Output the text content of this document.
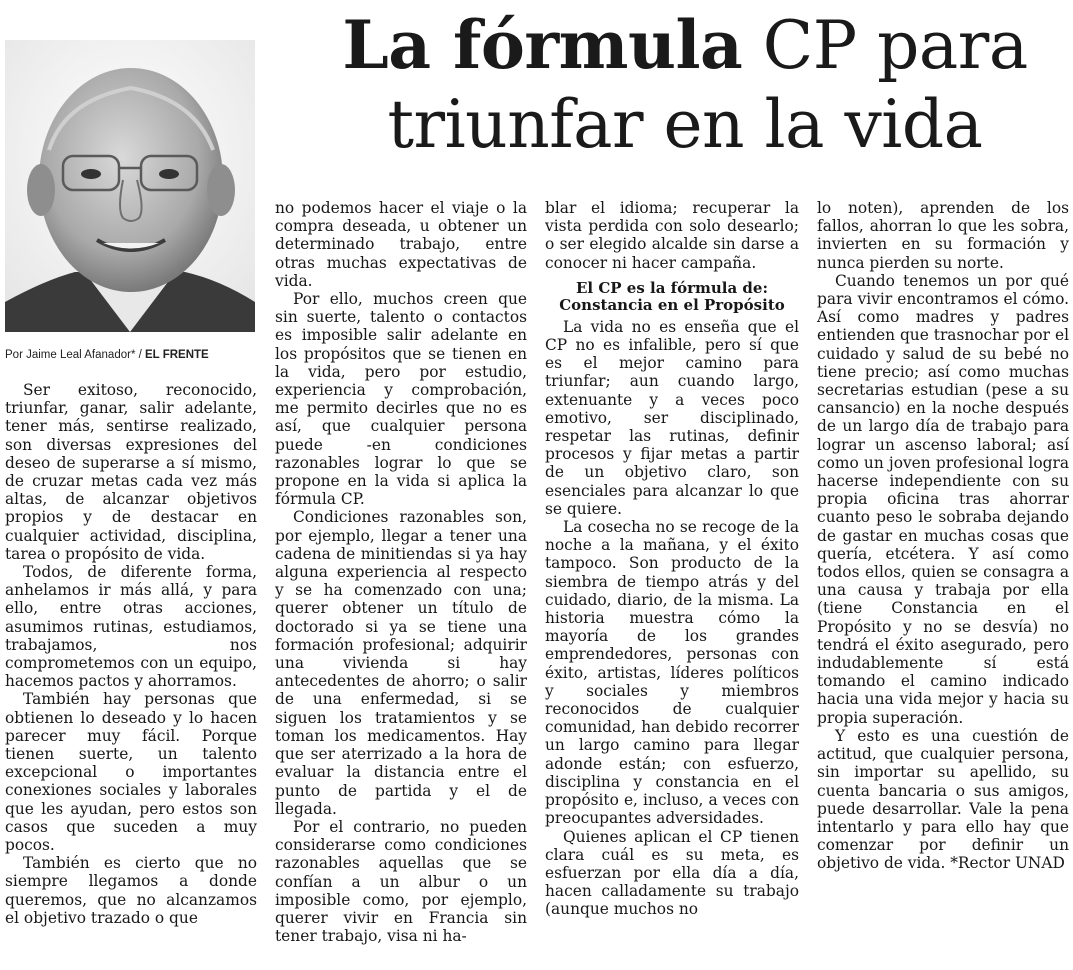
La fórmula CP para
triunfar en la vida
Por Jaime Leal Afanador* / EL FRENTE

Ser exitoso, reconocido, triunfar, ganar, salir adelante, tener más, sentirse realizado, son diversas expresiones del deseo de superarse a sí mismo, de cruzar metas cada vez más altas, de alcanzar objetivos propios y de destacar en cualquier actividad, disciplina, tarea o propósito de vida.

Todos, de diferente forma, anhelamos ir más allá, y para ello, entre otras acciones, asumimos rutinas, estudiamos, trabajamos, nos comprometemos con un equipo, hacemos pactos y ahorramos.

También hay personas que obtienen lo deseado y lo hacen parecer muy fácil. Porque tienen suerte, un talento excepcional o importantes conexiones sociales y laborales que les ayudan, pero estos son casos que suceden a muy pocos.

También es cierto que no siempre llegamos a donde queremos, que no alcanzamos el objetivo trazado o que

no podemos hacer el viaje o la compra deseada, u obtener un determinado trabajo, entre otras muchas expectativas de vida.

Por ello, muchos creen que sin suerte, talento o contactos es imposible salir adelante en los propósitos que se tienen en la vida, pero por estudio, experiencia y comprobación, me permito decirles que no es así, que cualquier persona puede -en condiciones razonables lograr lo que se propone en la vida si aplica la fórmula CP.

Condiciones razonables son, por ejemplo, llegar a tener una cadena de minitiendas si ya hay alguna experiencia al respecto y se ha comenzado con una; querer obtener un título de doctorado si ya se tiene una formación profesional; adquirir una vivienda si hay antecedentes de ahorro; o salir de una enfermedad, si se siguen los tratamientos y se toman los medicamentos. Hay que ser aterrizado a la hora de evaluar la distancia entre el punto de partida y el de llegada.

Por el contrario, no pueden considerarse como condiciones razonables aquellas que se confían a un albur o un imposible como, por ejemplo, querer vivir en Francia sin tener trabajo, visa ni ha-

blar el idioma; recuperar la vista perdida con solo desearlo; o ser elegido alcalde sin darse a conocer ni hacer campaña.

El CP es la fórmula de: Constancia en el Propósito

La vida no es enseña que el CP no es infalible, pero sí que es el mejor camino para triunfar; aun cuando largo, extenuante y a veces poco emotivo, ser disciplinado, respetar las rutinas, definir procesos y fijar metas a partir de un objetivo claro, son esenciales para alcanzar lo que se quiere.

La cosecha no se recoge de la noche a la mañana, y el éxito tampoco. Son producto de la siembra de tiempo atrás y del cuidado, diario, de la misma. La historia muestra cómo la mayoría de los grandes emprendedores, personas con éxito, artistas, líderes políticos y sociales y miembros reconocidos de cualquier comunidad, han debido recorrer un largo camino para llegar adonde están; con esfuerzo, disciplina y constancia en el propósito e, incluso, a veces con preocupantes adversidades.

Quienes aplican el CP tienen clara cuál es su meta, es esfuerzan por ella día a día, hacen calladamente su trabajo (aunque muchos no

lo noten), aprenden de los fallos, ahorran lo que les sobra, invierten en su formación y nunca pierden su norte.

Cuando tenemos un por qué para vivir encontramos el cómo. Así como madres y padres entienden que trasnochar por el cuidado y salud de su bebé no tiene precio; así como muchas secretarias estudian (pese a su cansancio) en la noche después de un largo día de trabajo para lograr un ascenso laboral; así como un joven profesional logra hacerse independiente con su propia oficina tras ahorrar cuanto peso le sobraba dejando de gastar en muchas cosas que quería, etcétera. Y así como todos ellos, quien se consagra a una causa y trabaja por ella (tiene Constancia en el Propósito y no se desvía) no tendrá el éxito asegurado, pero indudablemente sí está tomando el camino indicado hacia una vida mejor y hacia su propia superación.

Y esto es una cuestión de actitud, que cualquier persona, sin importar su apellido, su cuenta bancaria o sus amigos, puede desarrollar. Vale la pena intentarlo y para ello hay que comenzar por definir un objetivo de vida. *Rector UNAD
